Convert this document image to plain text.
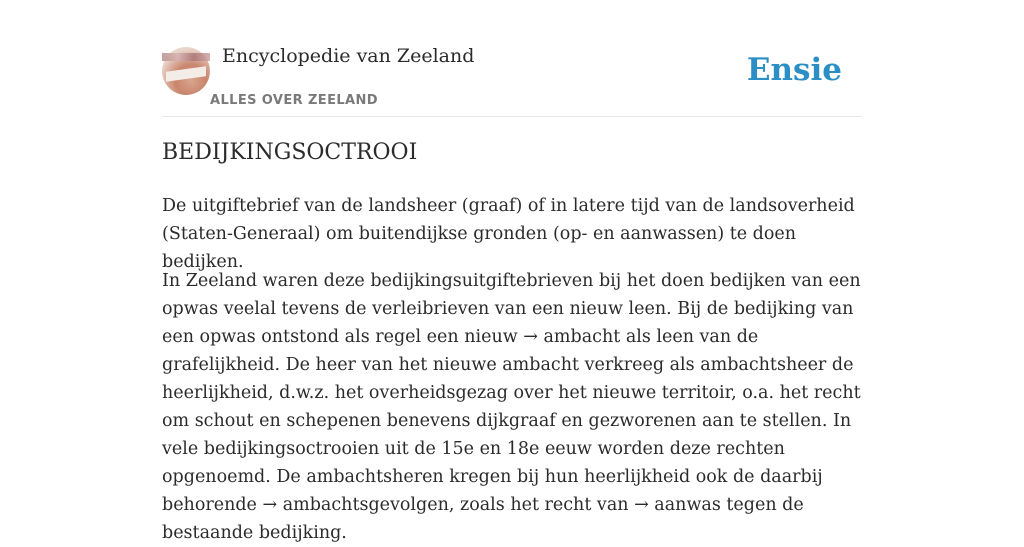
Encyclopedie van Zeeland
ALLES OVER ZEELAND
Ensie
BEDIJKINGSOCTROOI

De uitgiftebrief van de landsheer (graaf) of in latere tijd van de landsoverheid (Staten-Generaal) om buitendijkse gronden (op- en aanwassen) te doen bedijken.

In Zeeland waren deze bedijkingsuitgiftebrieven bij het doen bedijken van een opwas veelal tevens de verleibrieven van een nieuw leen. Bij de bedijking van een opwas ontstond als regel een nieuw → ambacht als leen van de grafelijkheid. De heer van het nieuwe ambacht verkreeg als ambachtsheer de heerlijkheid, d.w.z. het overheidsgezag over het nieuwe territoir, o.a. het recht om schout en schepenen benevens dijkgraaf en gezworenen aan te stellen. In vele bedijkingsoctrooien uit de 15e en 18e eeuw worden deze rechten opgenoemd. De ambachtsheren kregen bij hun heerlijkheid ook de daarbij behorende → ambachtsgevolgen, zoals het recht van → aanwas tegen de bestaande bedijking.
